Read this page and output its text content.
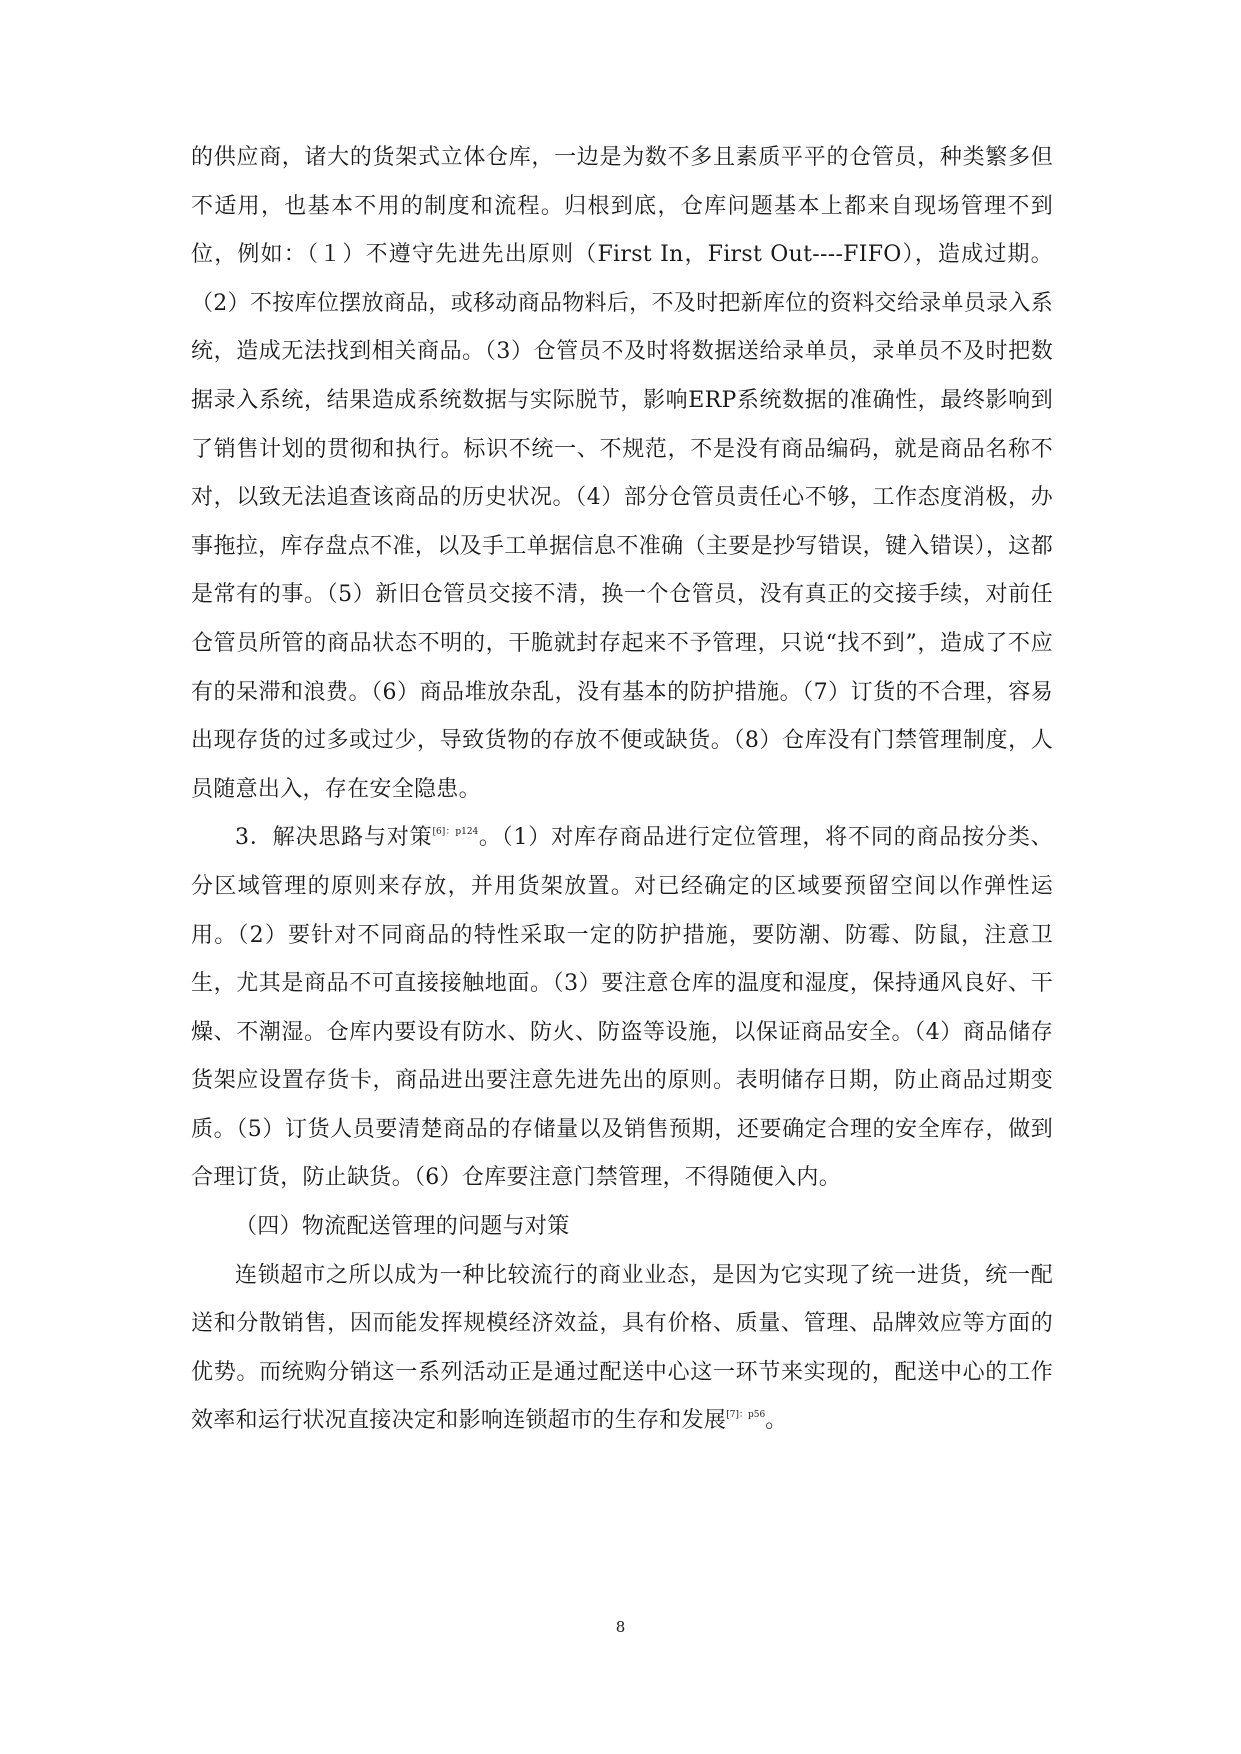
的供应商，诸大的货架式立体仓库，一边是为数不多且素质平平的仓管员，种类繁多但不适用，也基本不用的制度和流程。归根到底，仓库问题基本上都来自现场管理不到位，例如：（１）不遵守先进先出原则（First In，First Out----FIFO），造成过期。（2）不按库位摆放商品，或移动商品物料后，不及时把新库位的资料交给录单员录入系统，造成无法找到相关商品。（3）仓管员不及时将数据送给录单员，录单员不及时把数据录入系统，结果造成系统数据与实际脱节，影响ERP系统数据的准确性，最终影响到了销售计划的贯彻和执行。标识不统一、不规范，不是没有商品编码，就是商品名称不对，以致无法追查该商品的历史状况。（4）部分仓管员责任心不够，工作态度消极，办事拖拉，库存盘点不准，以及手工单据信息不准确（主要是抄写错误，键入错误），这都是常有的事。（5）新旧仓管员交接不清，换一个仓管员，没有真正的交接手续，对前任仓管员所管的商品状态不明的，干脆就封存起来不予管理，只说“找不到”，造成了不应有的呆滞和浪费。（6）商品堆放杂乱，没有基本的防护措施。（7）订货的不合理，容易出现存货的过多或过少，导致货物的存放不便或缺货。（8）仓库没有门禁管理制度，人员随意出入，存在安全隐患。

3．解决思路与对策$^{[6]:p124}$。（1）对库存商品进行定位管理，将不同的商品按分类、分区域管理的原则来存放，并用货架放置。对已经确定的区域要预留空间以作弹性运用。（2）要针对不同商品的特性采取一定的防护措施，要防潮、防霉、防鼠，注意卫生，尤其是商品不可直接接触地面。（3）要注意仓库的温度和湿度，保持通风良好、干燥、不潮湿。仓库内要设有防水、防火、防盗等设施，以保证商品安全。（4）商品储存货架应设置存货卡，商品进出要注意先进先出的原则。表明储存日期，防止商品过期变质。（5）订货人员要清楚商品的存储量以及销售预期，还要确定合理的安全库存，做到合理订货，防止缺货。（6）仓库要注意门禁管理，不得随便入内。

（四）物流配送管理的问题与对策

连锁超市之所以成为一种比较流行的商业业态，是因为它实现了统一进货，统一配送和分散销售，因而能发挥规模经济效益，具有价格、质量、管理、品牌效应等方面的优势。而统购分销这一系列活动正是通过配送中心这一环节来实现的，配送中心的工作效率和运行状况直接决定和影响连锁超市的生存和发展$^{[7]:p56}$。

8
